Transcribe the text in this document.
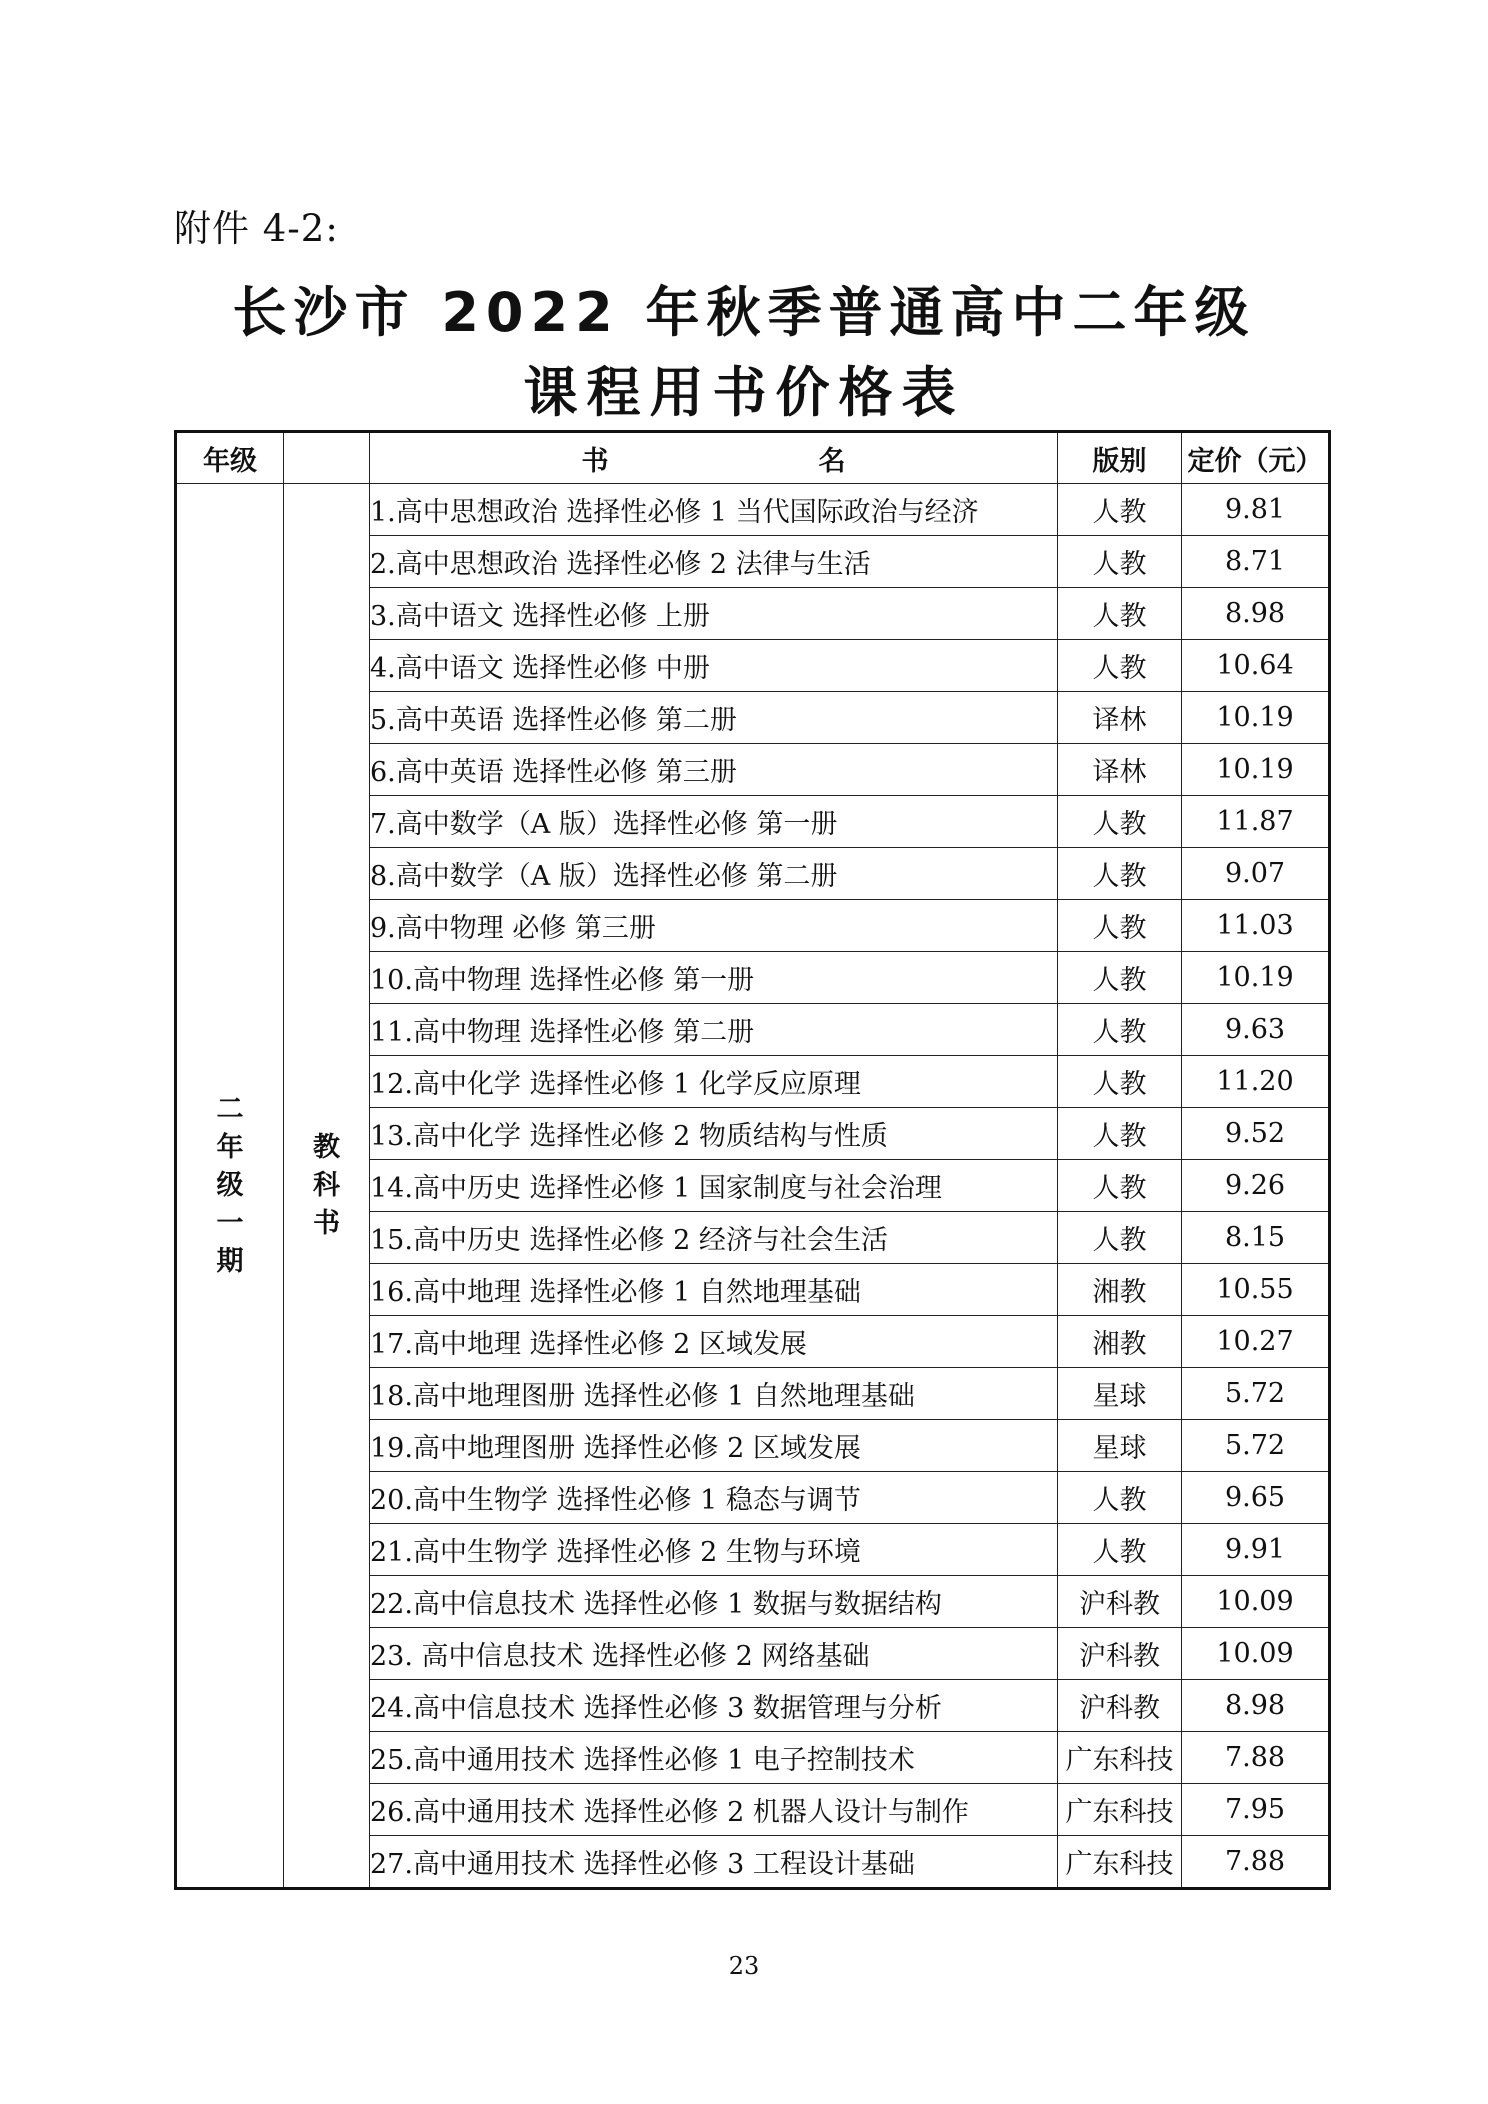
附件 4-2:
长沙市 2022 年秋季普通高中二年级
课程用书价格表
年级		书 名	版别	定价（元）
二年级一期	教科书	1.高中思想政治 选择性必修 1 当代国际政治与经济	人教	9.81
		2.高中思想政治 选择性必修 2 法律与生活	人教	8.71
		3.高中语文 选择性必修 上册	人教	8.98
		4.高中语文 选择性必修 中册	人教	10.64
		5.高中英语 选择性必修 第二册	译林	10.19
		6.高中英语 选择性必修 第三册	译林	10.19
		7.高中数学（A 版）选择性必修 第一册	人教	11.87
		8.高中数学（A 版）选择性必修 第二册	人教	9.07
		9.高中物理 必修 第三册	人教	11.03
		10.高中物理 选择性必修 第一册	人教	10.19
		11.高中物理 选择性必修 第二册	人教	9.63
		12.高中化学 选择性必修 1 化学反应原理	人教	11.20
		13.高中化学 选择性必修 2 物质结构与性质	人教	9.52
		14.高中历史 选择性必修 1 国家制度与社会治理	人教	9.26
		15.高中历史 选择性必修 2 经济与社会生活	人教	8.15
		16.高中地理 选择性必修 1 自然地理基础	湘教	10.55
		17.高中地理 选择性必修 2 区域发展	湘教	10.27
		18.高中地理图册 选择性必修 1 自然地理基础	星球	5.72
		19.高中地理图册 选择性必修 2 区域发展	星球	5.72
		20.高中生物学 选择性必修 1 稳态与调节	人教	9.65
		21.高中生物学 选择性必修 2 生物与环境	人教	9.91
		22.高中信息技术 选择性必修 1 数据与数据结构	沪科教	10.09
		23. 高中信息技术 选择性必修 2 网络基础	沪科教	10.09
		24.高中信息技术 选择性必修 3 数据管理与分析	沪科教	8.98
		25.高中通用技术 选择性必修 1 电子控制技术	广东科技	7.88
		26.高中通用技术 选择性必修 2 机器人设计与制作	广东科技	7.95
		27.高中通用技术 选择性必修 3 工程设计基础	广东科技	7.88
23
